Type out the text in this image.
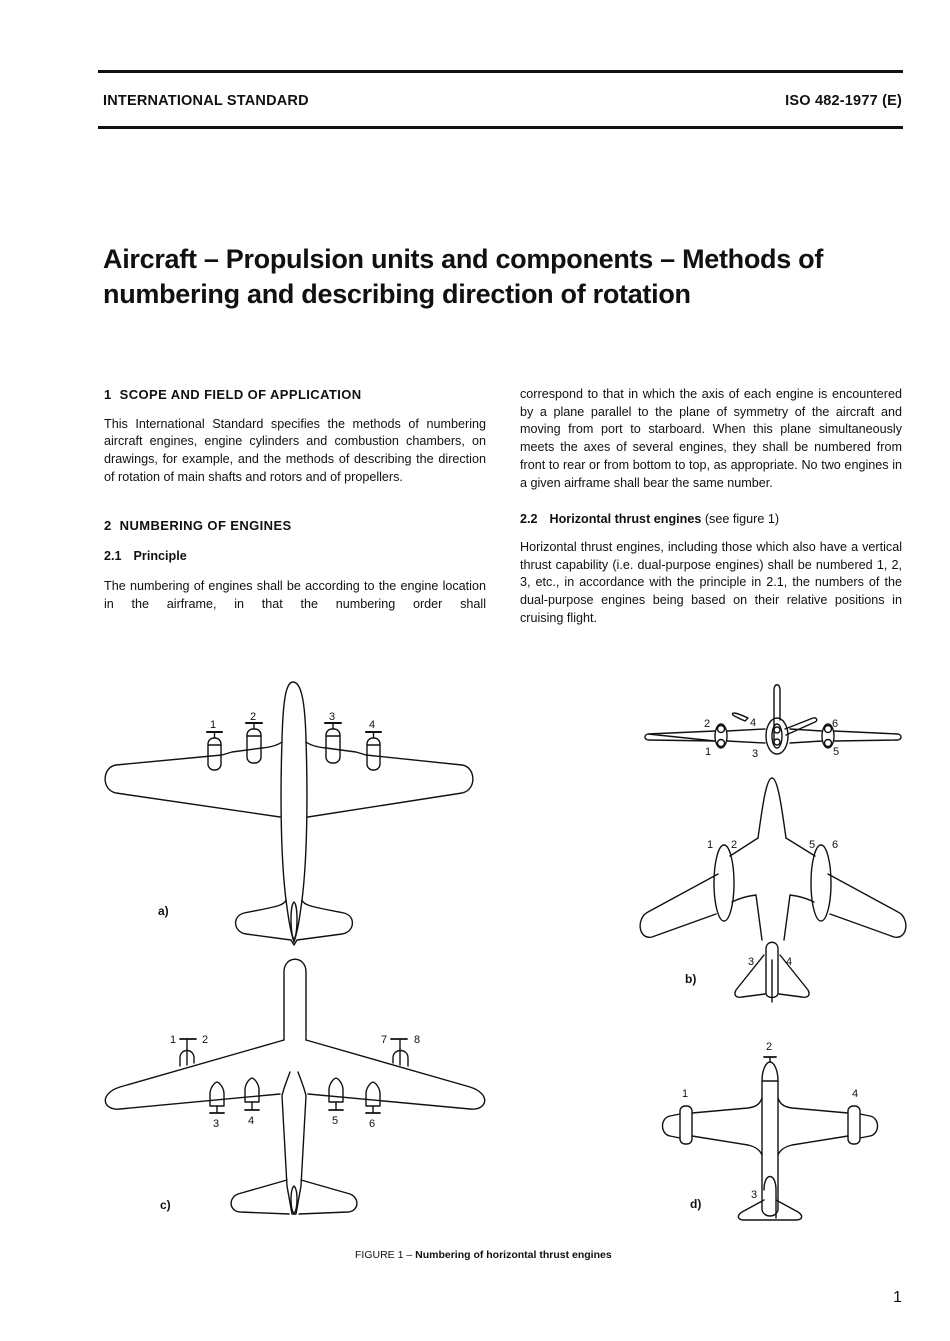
INTERNATIONAL STANDARD	ISO 482-1977 (E)
Aircraft – Propulsion units and components – Methods of
numbering and describing direction of rotation
1  SCOPE AND FIELD OF APPLICATION

This International Standard specifies the methods of numbering aircraft engines, engine cylinders and combustion chambers, on drawings, for example, and the methods of describing the direction of rotation of main shafts and rotors and of propellers.

2  NUMBERING OF ENGINES
2.1 Principle

The numbering of engines shall be according to the engine location in the airframe, in that the numbering order shall

correspond to that in which the axis of each engine is encountered by a plane parallel to the plane of symmetry of the aircraft and moving from port to starboard. When this plane simultaneously meets the axes of several engines, they shall be numbered from front to rear or from bottom to top, as appropriate. No two engines in a given airframe shall bear the same number.

2.2 Horizontal thrust engines (see figure 1)

Horizontal thrust engines, including those which also have a vertical thrust capability (i.e. dual-purpose engines) shall be numbered 1, 2, 3, etc., in accordance with the principle in 2.1, the numbers of the dual-purpose engines being based on their relative positions in cruising flight.

1
2	3
4
a)
1 2
3	4	5	6
7 8
c)
2
1
4
3
6
5
1 2
3	4
5 6
b)
1
2
3
4
d)
FIGURE 1 – Numbering of horizontal thrust engines
1
